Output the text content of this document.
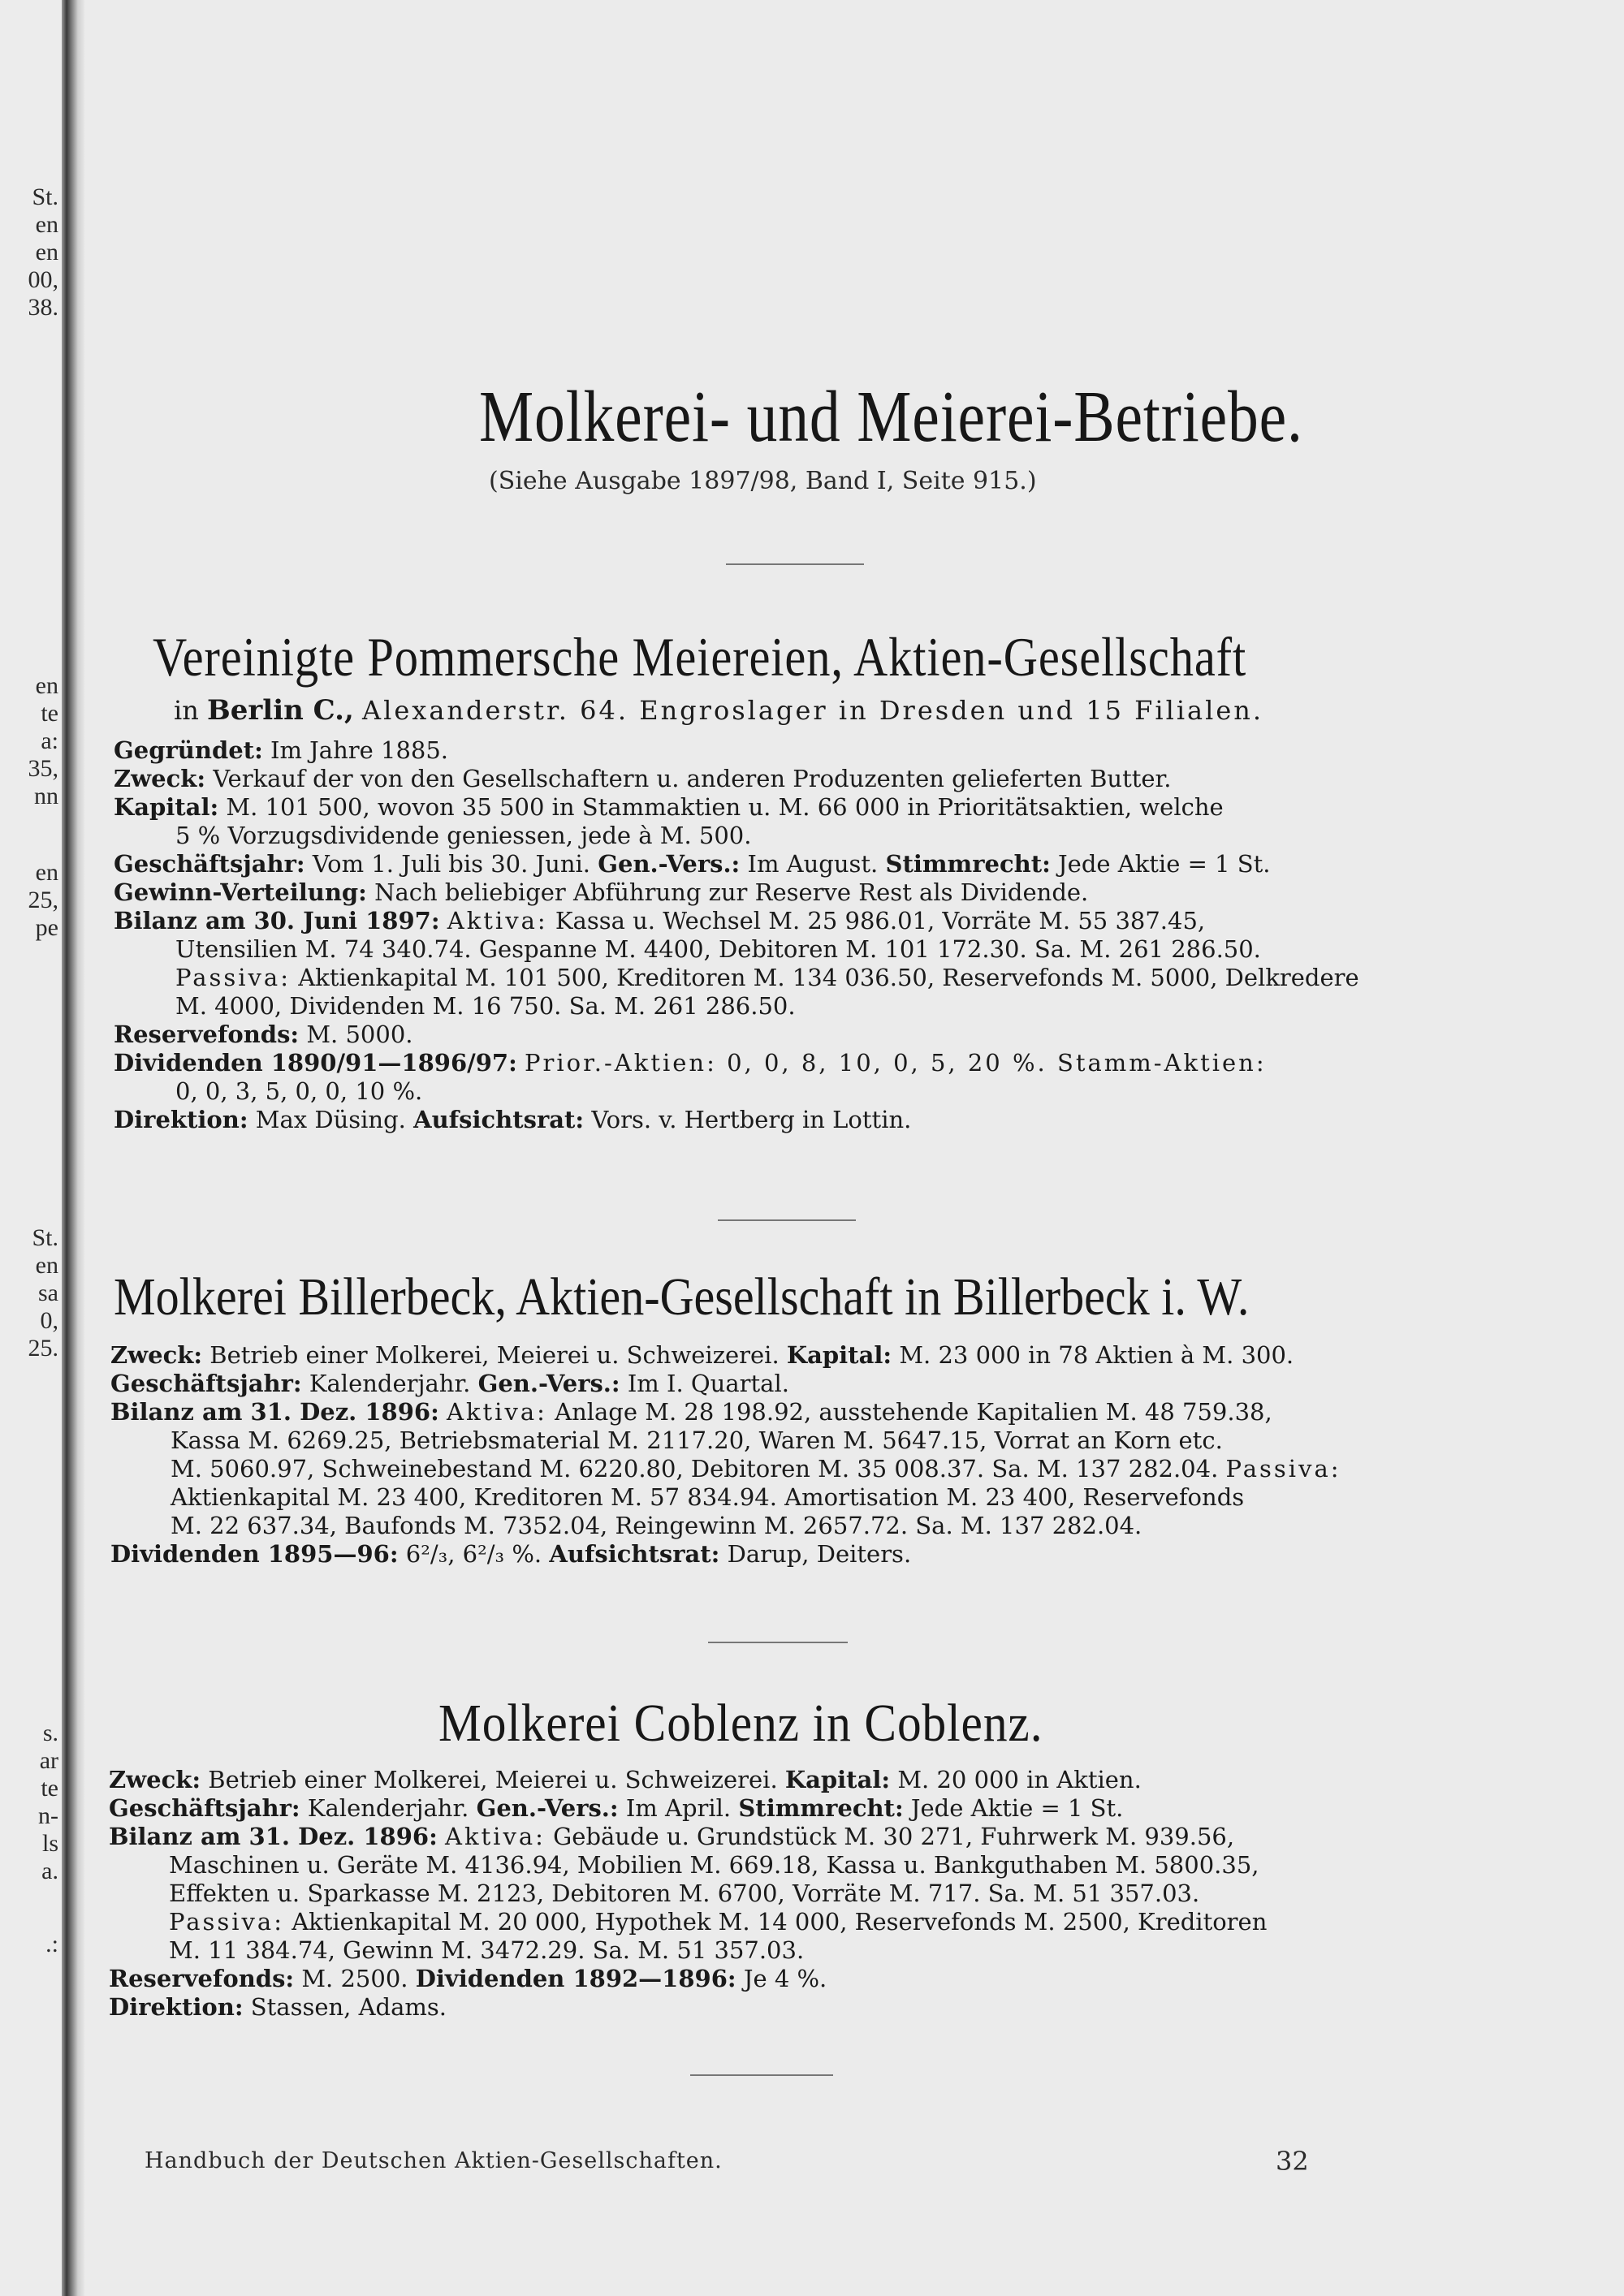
St.
en
en
00,
38.
en
te
a:
35,
nn
en
25,
pe
St.
en
sa
0,
25.
s.
ar
te
n-
ls
a.
.:
Molkerei- und Meierei-Betriebe.
(Siehe Ausgabe 1897/98, Band I, Seite 915.)
Vereinigte Pommersche Meiereien, Aktien-Gesellschaft
in Berlin C., Alexanderstr. 64. Engroslager in Dresden und 15 Filialen.
Gegründet: Im Jahre 1885.
Zweck: Verkauf der von den Gesellschaftern u. anderen Produzenten gelieferten Butter.
Kapital: M. 101 500, wovon 35 500 in Stammaktien u. M. 66 000 in Prioritätsaktien, welche
5 % Vorzugsdividende geniessen, jede à M. 500.
Geschäftsjahr: Vom 1. Juli bis 30. Juni. Gen.-Vers.: Im August. Stimmrecht: Jede Aktie = 1 St.
Gewinn-Verteilung: Nach beliebiger Abführung zur Reserve Rest als Dividende.
Bilanz am 30. Juni 1897: Aktiva: Kassa u. Wechsel M. 25 986.01, Vorräte M. 55 387.45,
Utensilien M. 74 340.74. Gespanne M. 4400, Debitoren M. 101 172.30. Sa. M. 261 286.50.
Passiva: Aktienkapital M. 101 500, Kreditoren M. 134 036.50, Reservefonds M. 5000, Delkredere
M. 4000, Dividenden M. 16 750. Sa. M. 261 286.50.
Reservefonds: M. 5000.
Dividenden 1890/91—1896/97: Prior.-Aktien: 0, 0, 8, 10, 0, 5, 20 %. Stamm-Aktien:
0, 0, 3, 5, 0, 0, 10 %.
Direktion: Max Düsing. Aufsichtsrat: Vors. v. Hertberg in Lottin.
Molkerei Billerbeck, Aktien-Gesellschaft in Billerbeck i. W.
Zweck: Betrieb einer Molkerei, Meierei u. Schweizerei. Kapital: M. 23 000 in 78 Aktien à M. 300.
Geschäftsjahr: Kalenderjahr. Gen.-Vers.: Im I. Quartal.
Bilanz am 31. Dez. 1896: Aktiva: Anlage M. 28 198.92, ausstehende Kapitalien M. 48 759.38,
Kassa M. 6269.25, Betriebsmaterial M. 2117.20, Waren M. 5647.15, Vorrat an Korn etc.
M. 5060.97, Schweinebestand M. 6220.80, Debitoren M. 35 008.37. Sa. M. 137 282.04. Passiva:
Aktienkapital M. 23 400, Kreditoren M. 57 834.94. Amortisation M. 23 400, Reservefonds
M. 22 637.34, Baufonds M. 7352.04, Reingewinn M. 2657.72. Sa. M. 137 282.04.
Dividenden 1895—96: 6²/₃, 6²/₃ %. Aufsichtsrat: Darup, Deiters.
Molkerei Coblenz in Coblenz.
Zweck: Betrieb einer Molkerei, Meierei u. Schweizerei. Kapital: M. 20 000 in Aktien.
Geschäftsjahr: Kalenderjahr. Gen.-Vers.: Im April. Stimmrecht: Jede Aktie = 1 St.
Bilanz am 31. Dez. 1896: Aktiva: Gebäude u. Grundstück M. 30 271, Fuhrwerk M. 939.56,
Maschinen u. Geräte M. 4136.94, Mobilien M. 669.18, Kassa u. Bankguthaben M. 5800.35,
Effekten u. Sparkasse M. 2123, Debitoren M. 6700, Vorräte M. 717. Sa. M. 51 357.03.
Passiva: Aktienkapital M. 20 000, Hypothek M. 14 000, Reservefonds M. 2500, Kreditoren
M. 11 384.74, Gewinn M. 3472.29. Sa. M. 51 357.03.
Reservefonds: M. 2500. Dividenden 1892—1896: Je 4 %.
Direktion: Stassen, Adams.
Handbuch der Deutschen Aktien-Gesellschaften.	32
